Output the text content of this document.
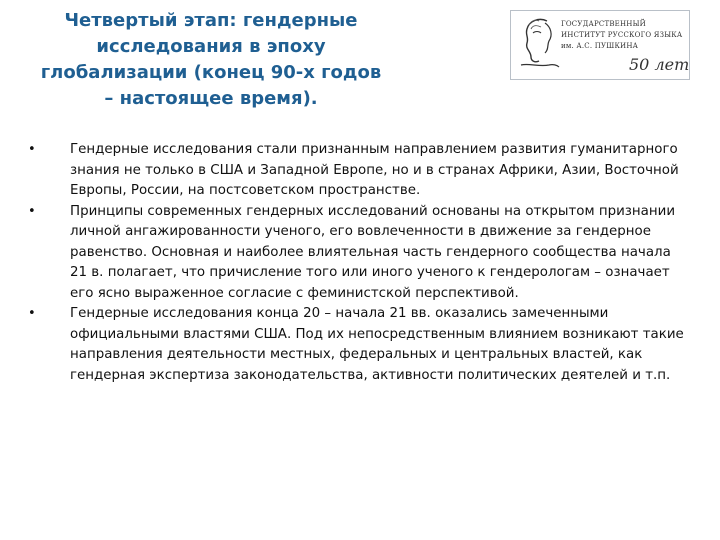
Четвертый этап: гендерные
исследования в эпоху
глобализации (конец 90-х годов
– настоящее время).
ГОСУДАРСТВЕННЫЙ
ИНСТИТУТ РУССКОГО ЯЗЫКА
им. А.С. ПУШКИНА
50 лет
•	Гендерные исследования стали признанным направлением развития гуманитарного знания не только в США и Западной Европе, но и в странах Африки, Азии, Восточной Европы, России, на постсоветском пространстве.
•	Принципы современных гендерных исследований основаны на открытом признании личной ангажированности ученого, его вовлеченности в движение за гендерное равенство. Основная и наиболее влиятельная часть гендерного сообщества начала 21 в. полагает, что причисление того или иного ученого к гендерологам – означает его ясно выраженное согласие с феминистской перспективой.
•	Гендерные исследования конца 20 – начала 21 вв. оказались замеченными официальными властями США. Под их непосредственным влиянием возникают такие направления деятельности местных, федеральных и центральных властей, как гендерная экспертиза законодательства, активности политических деятелей и т.п.
